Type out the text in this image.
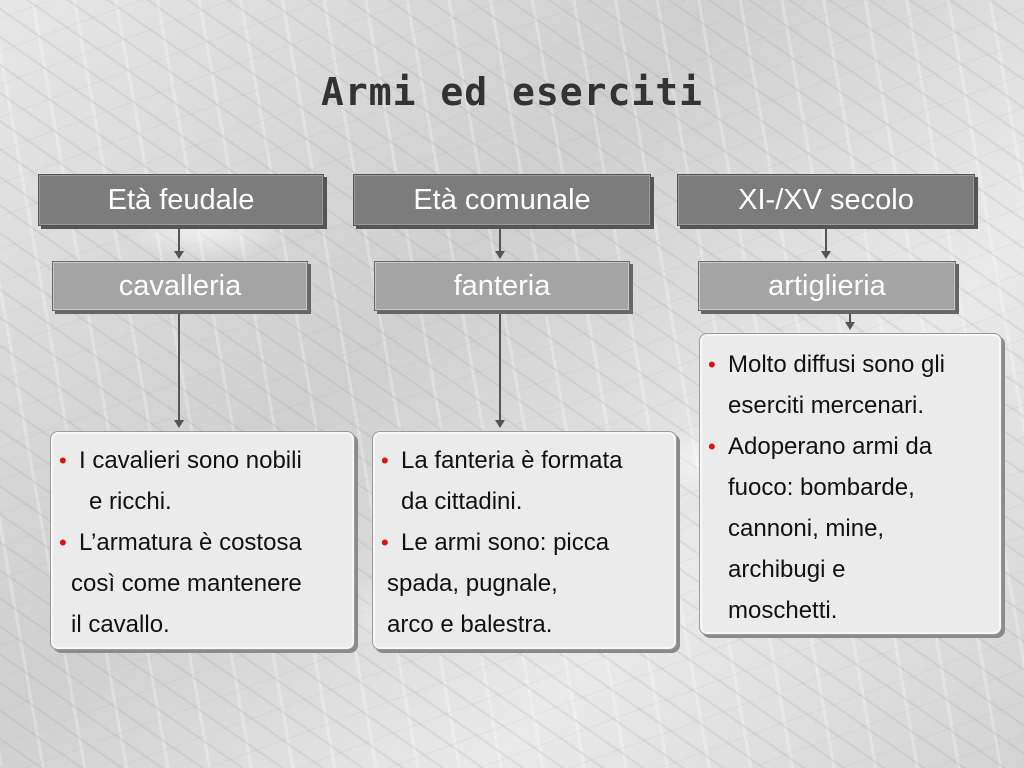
Armi ed eserciti
Età feudale
cavalleria
• I cavalieri sono nobili
e ricchi.
• L’armatura è costosa
così come mantenere
il cavallo.
Età comunale
fanteria
• La fanteria è formata
da cittadini.
• Le armi sono: picca
spada, pugnale,
arco e balestra.
XI-/XV secolo
artiglieria
• Molto diffusi sono gli
eserciti mercenari.
• Adoperano armi da
fuoco: bombarde,
cannoni, mine,
archibugi e
moschetti.
